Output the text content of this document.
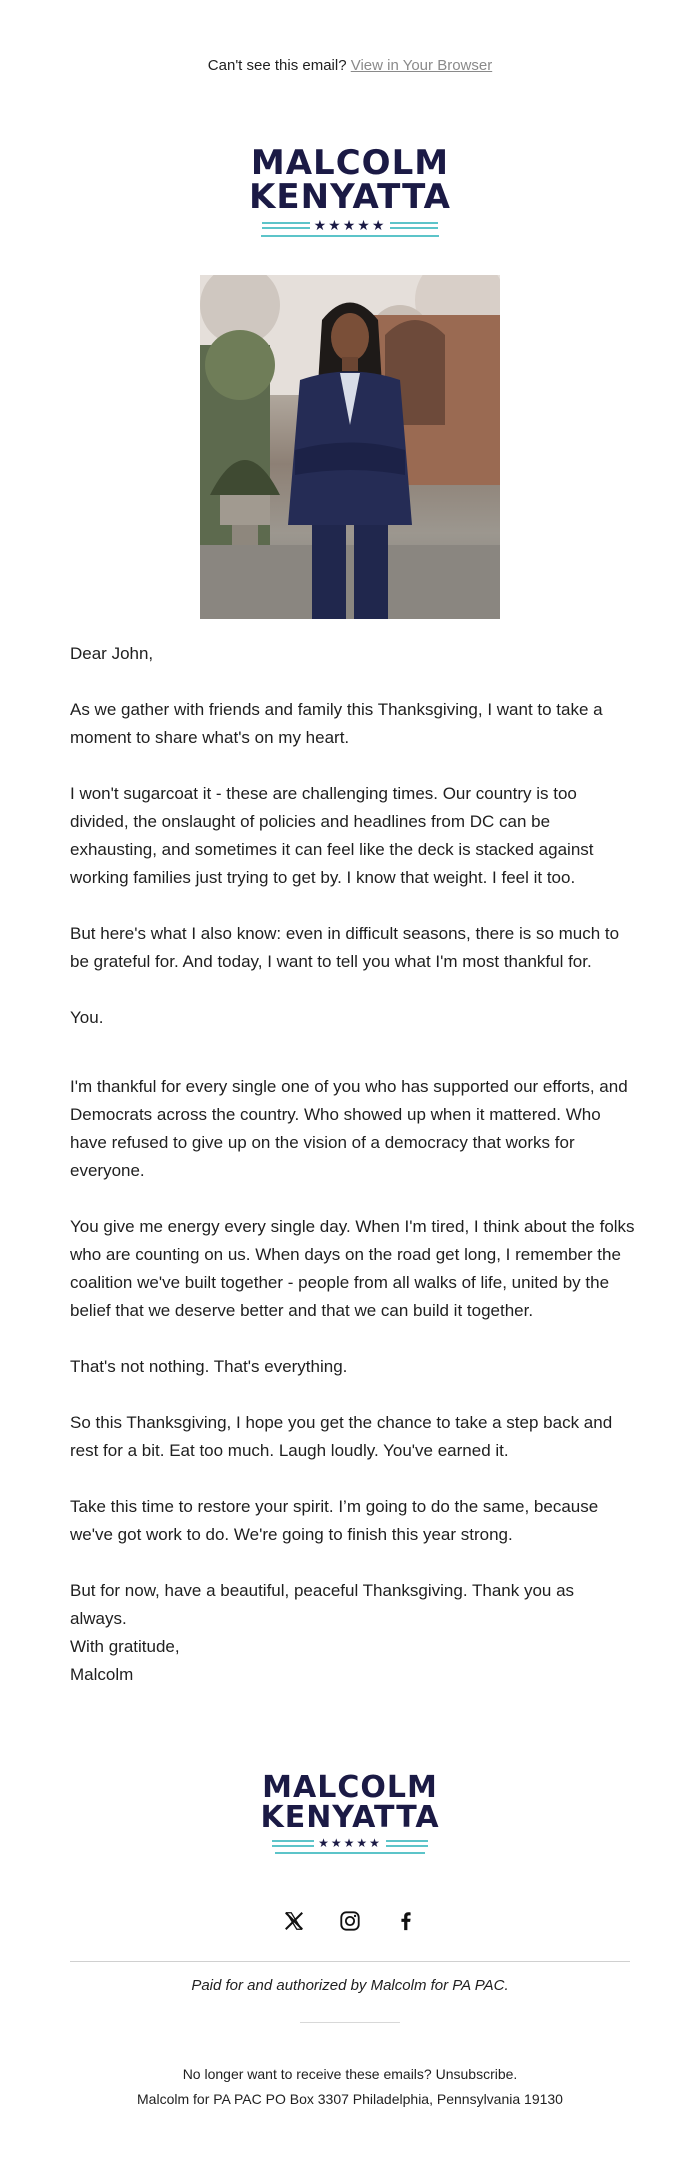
Can't see this email? View in Your Browser
MALCOLM
KENYATTA
★★★★★

Dear John,

As we gather with friends and family this Thanksgiving, I want to take a moment to share what's on my heart.

I won't sugarcoat it - these are challenging times. Our country is too divided, the onslaught of policies and headlines from DC can be exhausting, and sometimes it can feel like the deck is stacked against working families just trying to get by. I know that weight. I feel it too.

But here's what I also know: even in difficult seasons, there is so much to be grateful for. And today, I want to tell you what I'm most thankful for.

You.

I'm thankful for every single one of you who has supported our efforts, and Democrats across the country. Who showed up when it mattered. Who have refused to give up on the vision of a democracy that works for everyone.

You give me energy every single day. When I'm tired, I think about the folks who are counting on us. When days on the road get long, I remember the coalition we've built together - people from all walks of life, united by the belief that we deserve better and that we can build it together.

That's not nothing. That's everything.

So this Thanksgiving, I hope you get the chance to take a step back and rest for a bit. Eat too much. Laugh loudly. You've earned it.

Take this time to restore your spirit. I’m going to do the same, because we've got work to do. We're going to finish this year strong.

But for now, have a beautiful, peaceful Thanksgiving. Thank you as always.

With gratitude,

Malcolm

MALCOLM
KENYATTA
★★★★★
Paid for and authorized by Malcolm for PA PAC.
No longer want to receive these emails? Unsubscribe.
Malcolm for PA PAC PO Box 3307 Philadelphia, Pennsylvania 19130
